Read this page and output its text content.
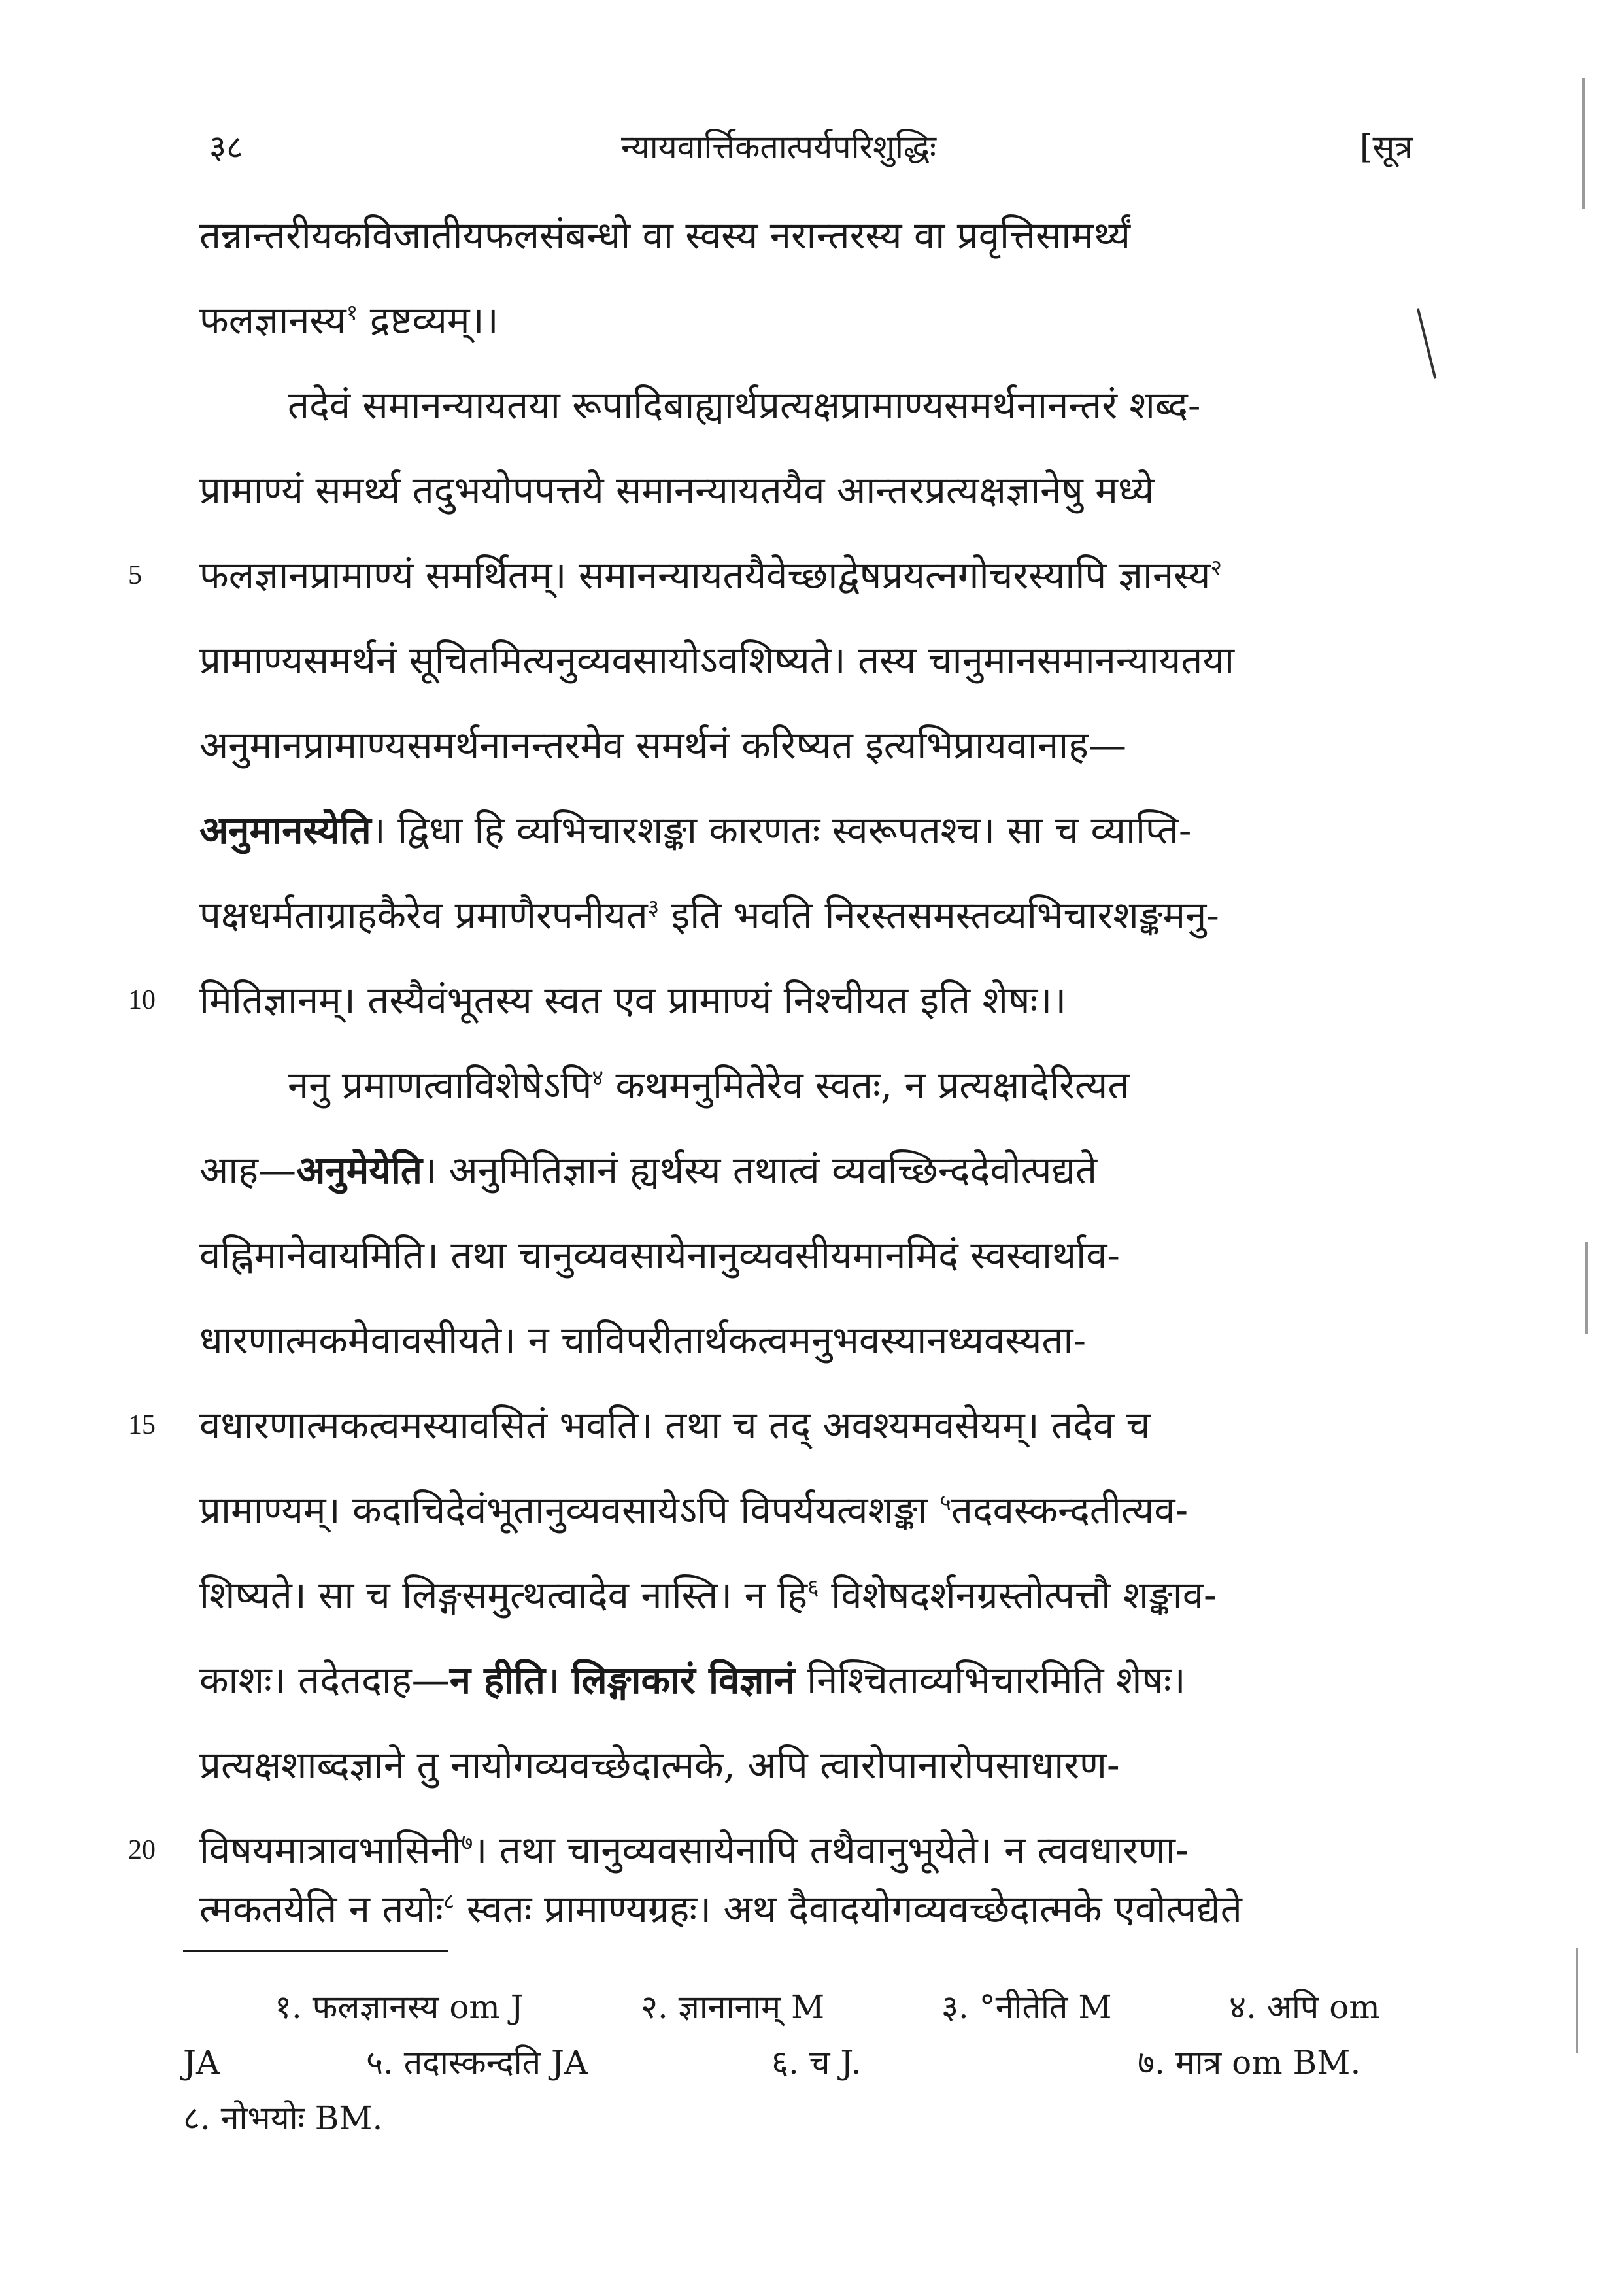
३८	न्यायवार्त्तिकतात्पर्यपरिशुद्धिः	[सूत्र
तन्नान्तरीयकविजातीयफलसंबन्धो वा स्वस्य नरान्तरस्य वा प्रवृत्तिसामर्थ्यं
फलज्ञानस्य$^१$ द्रष्टव्यम्।।
तदेवं समानन्यायतया रूपादिबाह्यार्थप्रत्यक्षप्रामाण्यसमर्थनानन्तरं शब्द-
प्रामाण्यं समर्थ्य तदुभयोपपत्तये समानन्यायतयैव आन्तरप्रत्यक्षज्ञानेषु मध्ये
5	फलज्ञानप्रामाण्यं समर्थितम्। समानन्यायतयैवेच्छाद्वेषप्रयत्नगोचरस्यापि ज्ञानस्य$^२$
प्रामाण्यसमर्थनं सूचितमित्यनुव्यवसायोऽवशिष्यते। तस्य चानुमानसमानन्यायतया
अनुमानप्रामाण्यसमर्थनानन्तरमेव समर्थनं करिष्यत इत्यभिप्रायवानाह—
अनुमानस्येति। द्विधा हि व्यभिचारशङ्का कारणतः स्वरूपतश्च। सा च व्याप्ति-
पक्षधर्मताग्राहकैरेव प्रमाणैरपनीयत$^३$ इति भवति निरस्तसमस्तव्यभिचारशङ्कमनु-
10	मितिज्ञानम्। तस्यैवंभूतस्य स्वत एव प्रामाण्यं निश्चीयत इति शेषः।।
ननु प्रमाणत्वाविशेषेऽपि$^४$ कथमनुमितेरेव स्वतः, न प्रत्यक्षादेरित्यत
आह—अनुमेयेति। अनुमितिज्ञानं ह्यर्थस्य तथात्वं व्यवच्छिन्ददेवोत्पद्यते
वह्निमानेवायमिति। तथा चानुव्यवसायेनानुव्यवसीयमानमिदं स्वस्वार्थाव-
धारणात्मकमेवावसीयते। न चाविपरीतार्थकत्वमनुभवस्यानध्यवस्यता-
15	वधारणात्मकत्वमस्यावसितं भवति। तथा च तद् अवश्यमवसेयम्। तदेव च
प्रामाण्यम्। कदाचिदेवंभूतानुव्यवसायेऽपि विपर्ययत्वशङ्का $^५$तदवस्कन्दतीत्यव-
शिष्यते। सा च लिङ्गसमुत्थत्वादेव नास्ति। न हि$^६$ विशेषदर्शनग्रस्तोत्पत्तौ शङ्काव-
काशः। तदेतदाह—न हीति। लिङ्गाकारं विज्ञानं निश्चिताव्यभिचारमिति शेषः।
प्रत्यक्षशाब्दज्ञाने तु नायोगव्यवच्छेदात्मके, अपि त्वारोपानारोपसाधारण-
20	विषयमात्रावभासिनी$^७$। तथा चानुव्यवसायेनापि तथैवानुभूयेते। न त्ववधारणा-
त्मकतयेति न तयोः$^८$ स्वतः प्रामाण्यग्रहः। अथ दैवादयोगव्यवच्छेदात्मके एवोत्पद्येते
१. फलज्ञानस्य om J	२. ज्ञानानाम् M	३. °नीतेति M	४. अपि om
JA	५. तदास्कन्दति JA	६. च J.	७. मात्र om BM.
८. नोभयोः BM.
